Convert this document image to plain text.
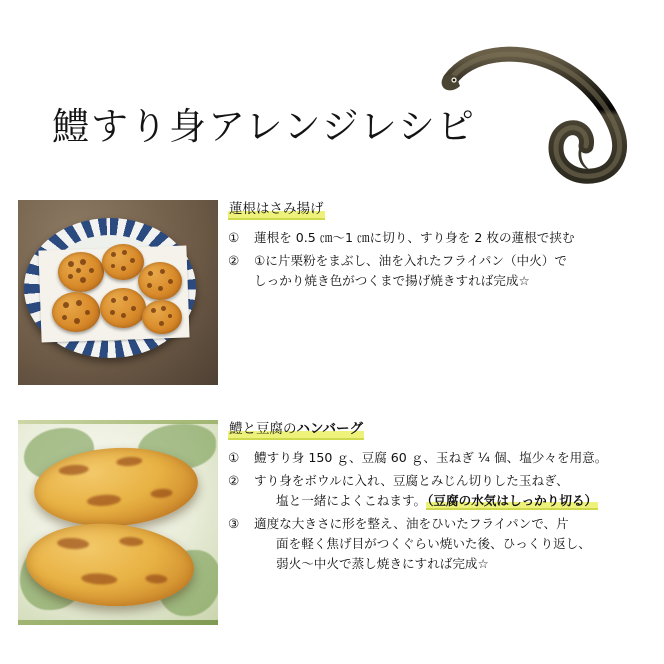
鱧すり身アレンジレシピ
蓮根はさみ揚げ
① 蓮根を 0.5 ㎝〜1 ㎝に切り、すり身を 2 枚の蓮根で挟む
② ①に片栗粉をまぶし、油を入れたフライパン（中火）で
しっかり焼き色がつくまで揚げ焼きすれば完成☆
鱧と豆腐のハンバーグ
① 鱧すり身 150 ｇ、豆腐 60 ｇ、玉ねぎ ¼ 個、塩少々を用意。
② すり身をボウルに入れ、豆腐とみじん切りした玉ねぎ、
塩と一緒によくこねます。（豆腐の水気はしっかり切る）
③ 適度な大きさに形を整え、油をひいたフライパンで、片
面を軽く焦げ目がつくぐらい焼いた後、ひっくり返し、
弱火〜中火で蒸し焼きにすれば完成☆
